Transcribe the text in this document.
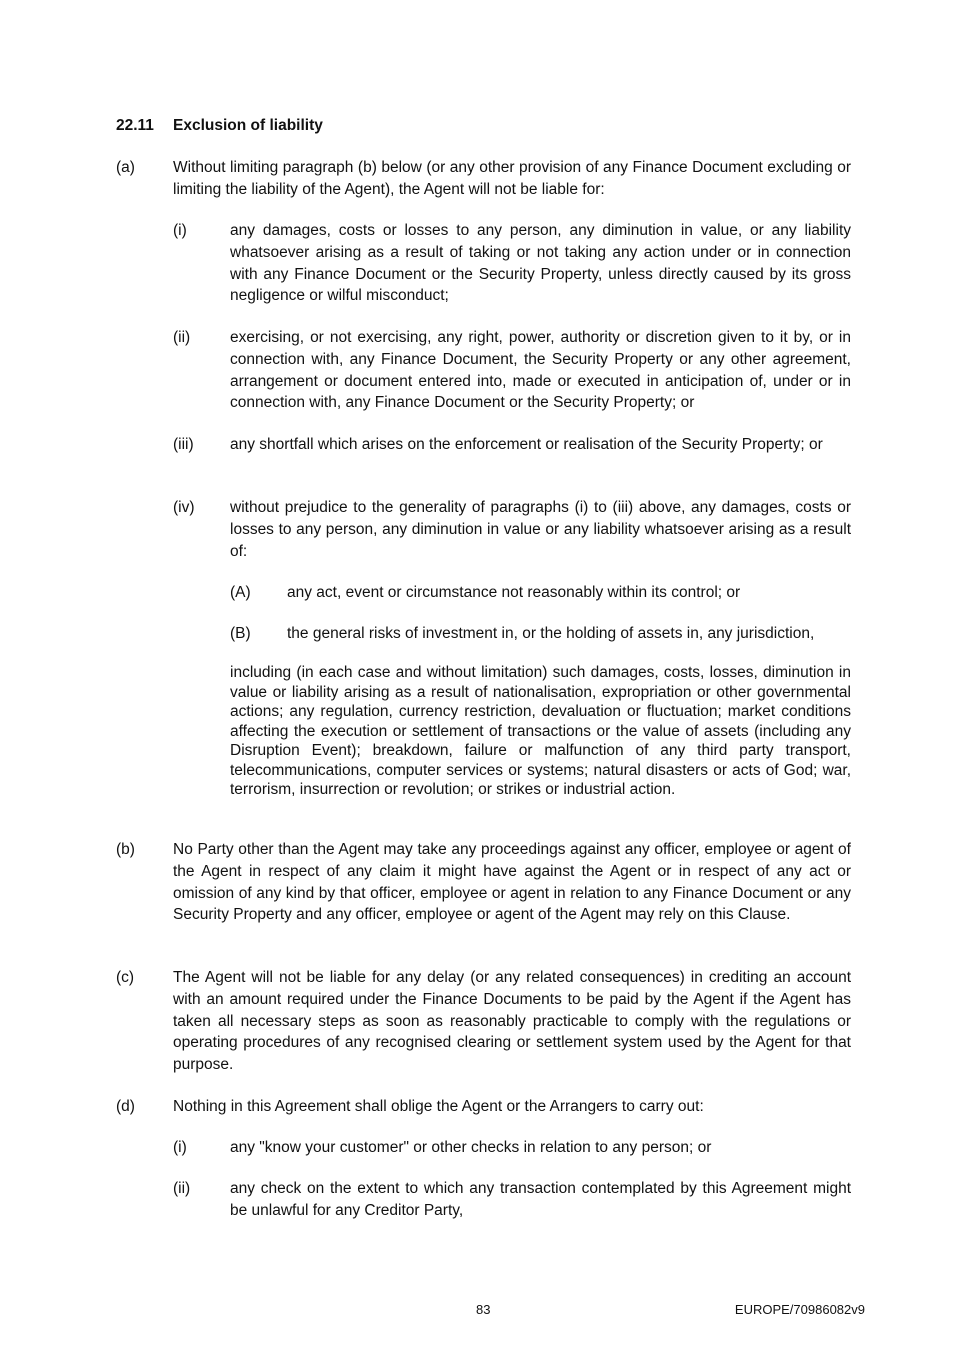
22.11 Exclusion of liability
(a) Without limiting paragraph (b) below (or any other provision of any Finance Document excluding or limiting the liability of the Agent), the Agent will not be liable for:
(i)	any damages, costs or losses to any person, any diminution in value, or any liability whatsoever arising as a result of taking or not taking any action under or in connection with any Finance Document or the Security Property, unless directly caused by its gross negligence or wilful misconduct;
(ii)	exercising, or not exercising, any right, power, authority or discretion given to it by, or in connection with, any Finance Document, the Security Property or any other agreement, arrangement or document entered into, made or executed in anticipation of, under or in connection with, any Finance Document or the Security Property; or
(iii) any shortfall which arises on the enforcement or realisation of the Security Property; or
(iv) without prejudice to the generality of paragraphs (i) to (iii) above, any damages, costs or losses to any person, any diminution in value or any liability whatsoever arising as a result of:
(A) any act, event or circumstance not reasonably within its control; or
(B) the general risks of investment in, or the holding of assets in, any jurisdiction,
including (in each case and without limitation) such damages, costs, losses, diminution in value or liability arising as a result of nationalisation, expropriation or other governmental actions; any regulation, currency restriction, devaluation or fluctuation; market conditions affecting the execution or settlement of transactions or the value of assets (including any Disruption Event); breakdown, failure or malfunction of any third party transport, telecommunications, computer services or systems; natural disasters or acts of God; war, terrorism, insurrection or revolution; or strikes or industrial action.
(b) No Party other than the Agent may take any proceedings against any officer, employee or agent of the Agent in respect of any claim it might have against the Agent or in respect of any act or omission of any kind by that officer, employee or agent in relation to any Finance Document or any Security Property and any officer, employee or agent of the Agent may rely on this Clause.
(c)	The Agent will not be liable for any delay (or any related consequences) in crediting an account with an amount required under the Finance Documents to be paid by the Agent if the Agent has taken all necessary steps as soon as reasonably practicable to comply with the regulations or operating procedures of any recognised clearing or settlement system used by the Agent for that purpose.
(d) Nothing in this Agreement shall oblige the Agent or the Arrangers to carry out:
(i)	any "know your customer" or other checks in relation to any person; or
(ii)	any check on the extent to which any transaction contemplated by this Agreement might be unlawful for any Creditor Party,
83	EUROPE/70986082v9
